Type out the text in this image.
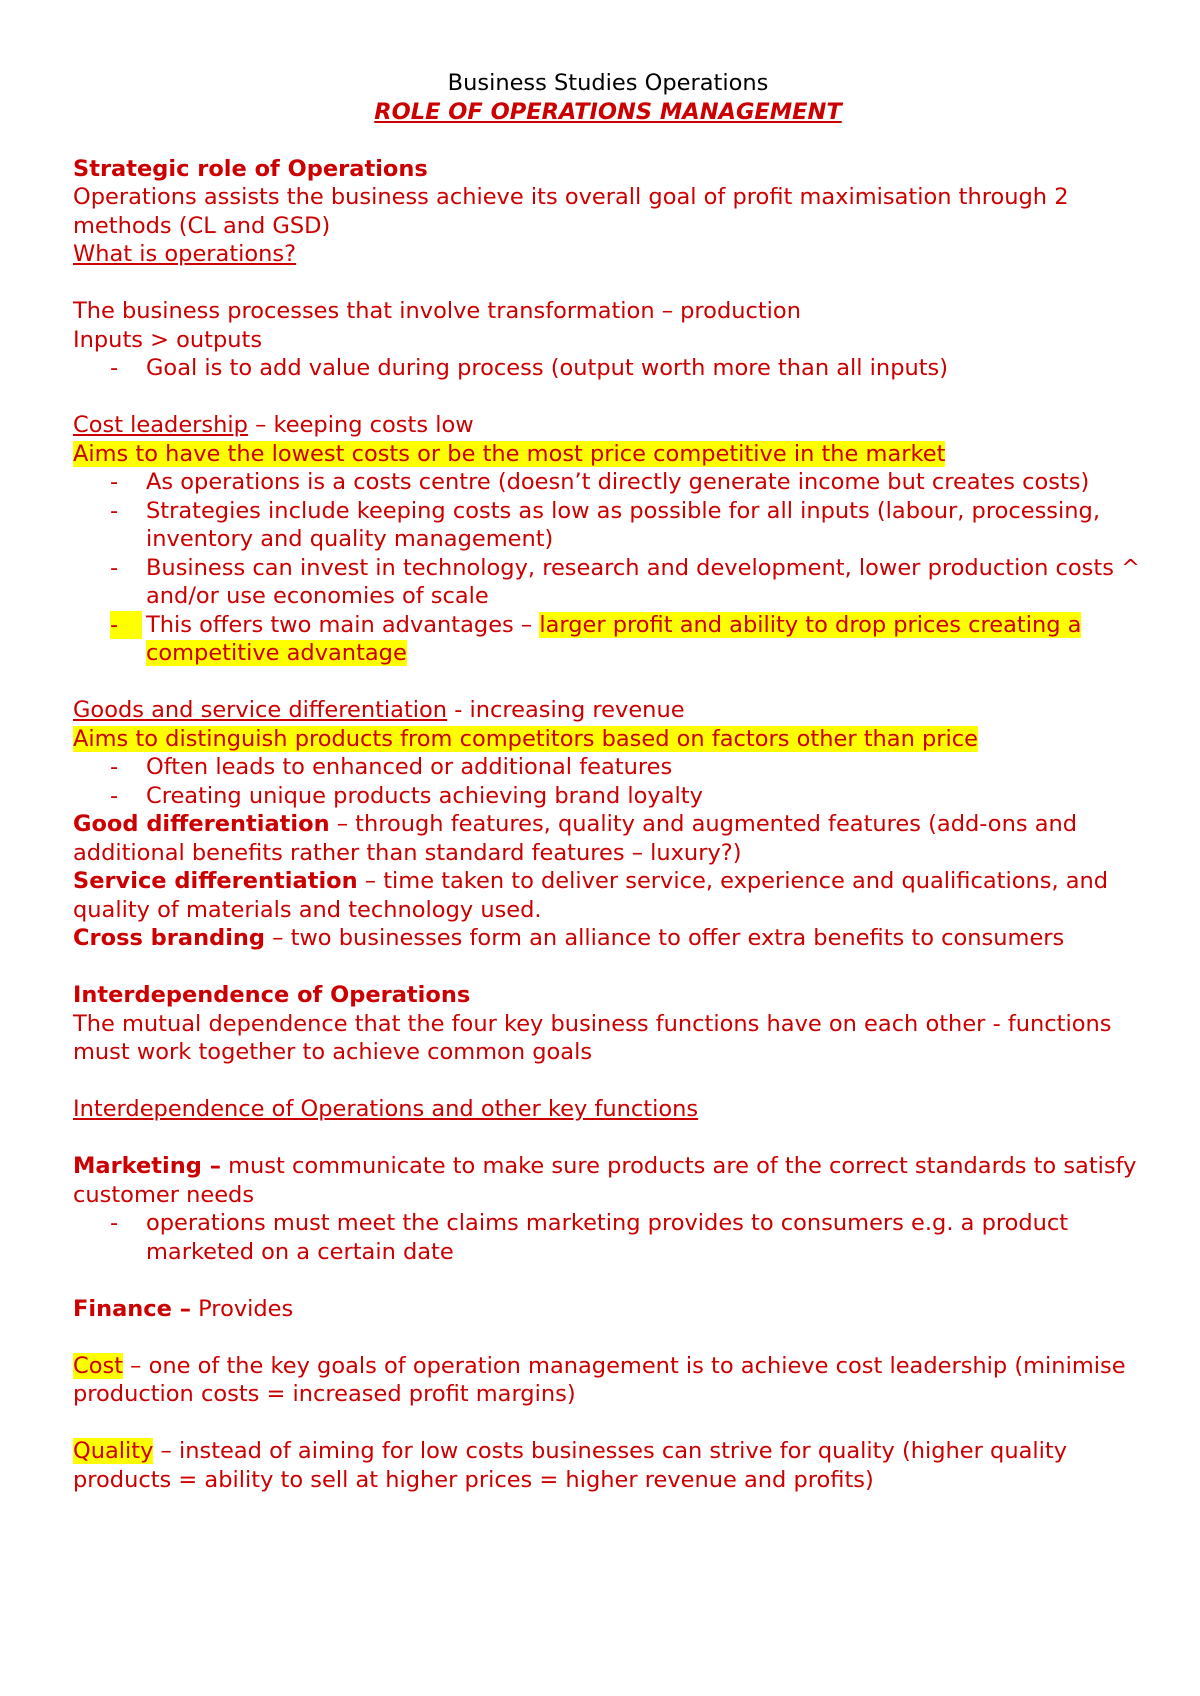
Business Studies Operations
ROLE OF OPERATIONS MANAGEMENT
Strategic role of Operations
Operations assists the business achieve its overall goal of profit maximisation through 2 methods (CL and GSD)
What is operations?
The business processes that involve transformation – production
Inputs > outputs
- Goal is to add value during process (output worth more than all inputs)
Cost leadership – keeping costs low
Aims to have the lowest costs or be the most price competitive in the market
- As operations is a costs centre (doesn’t directly generate income but creates costs)
- Strategies include keeping costs as low as possible for all inputs (labour, processing, inventory and quality management)
- Business can invest in technology, research and development, lower production costs ^ and/or use economies of scale
- This offers two main advantages – larger profit and ability to drop prices creating a competitive advantage
Goods and service differentiation - increasing revenue
Aims to distinguish products from competitors based on factors other than price
- Often leads to enhanced or additional features
- Creating unique products achieving brand loyalty
Good differentiation – through features, quality and augmented features (add-ons and additional benefits rather than standard features – luxury?)
Service differentiation – time taken to deliver service, experience and qualifications, and quality of materials and technology used.
Cross branding – two businesses form an alliance to offer extra benefits to consumers
Interdependence of Operations
The mutual dependence that the four key business functions have on each other - functions must work together to achieve common goals
Interdependence of Operations and other key functions
Marketing – must communicate to make sure products are of the correct standards to satisfy customer needs
- operations must meet the claims marketing provides to consumers e.g. a product marketed on a certain date
Finance – Provides
Cost – one of the key goals of operation management is to achieve cost leadership (minimise production costs = increased profit margins)
Quality – instead of aiming for low costs businesses can strive for quality (higher quality products = ability to sell at higher prices = higher revenue and profits)
